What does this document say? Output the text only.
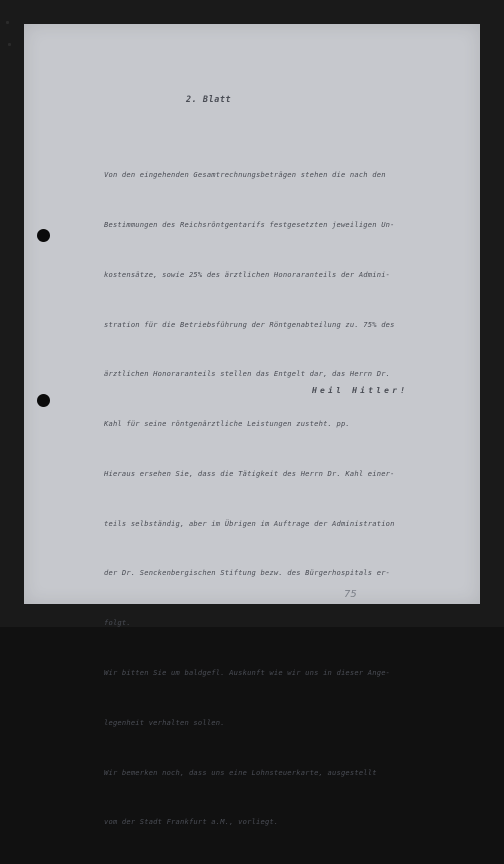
2. Blatt

Von den eingehenden Gesamtrechnungsbeträgen stehen die nach den

Bestimmungen des Reichsröntgentarifs festgesetzten jeweiligen Un-

kostensätze, sowie 25% des ärztlichen Honoraranteils der Admini-

stration für die Betriebsführung der Röntgenabteilung zu. 75% des

ärztlichen Honoraranteils stellen das Entgelt dar, das Herrn Dr.

Kahl für seine röntgenärztliche Leistungen zusteht. pp.

Hieraus ersehen Sie, dass die Tätigkeit des Herrn Dr. Kahl einer-

teils selbständig, aber im Übrigen im Auftrage der Administration

der Dr. Senckenbergischen Stiftung bezw. des Bürgerhospitals er-

folgt.

Wir bitten Sie um baldgefl. Auskunft wie wir uns in dieser Ange-

legenheit verhalten sollen.

Wir bemerken noch, dass uns eine Lohnsteuerkarte, ausgestellt

vom der Stadt Frankfurt a.M., vorliegt.

Heil Hitler!
75
